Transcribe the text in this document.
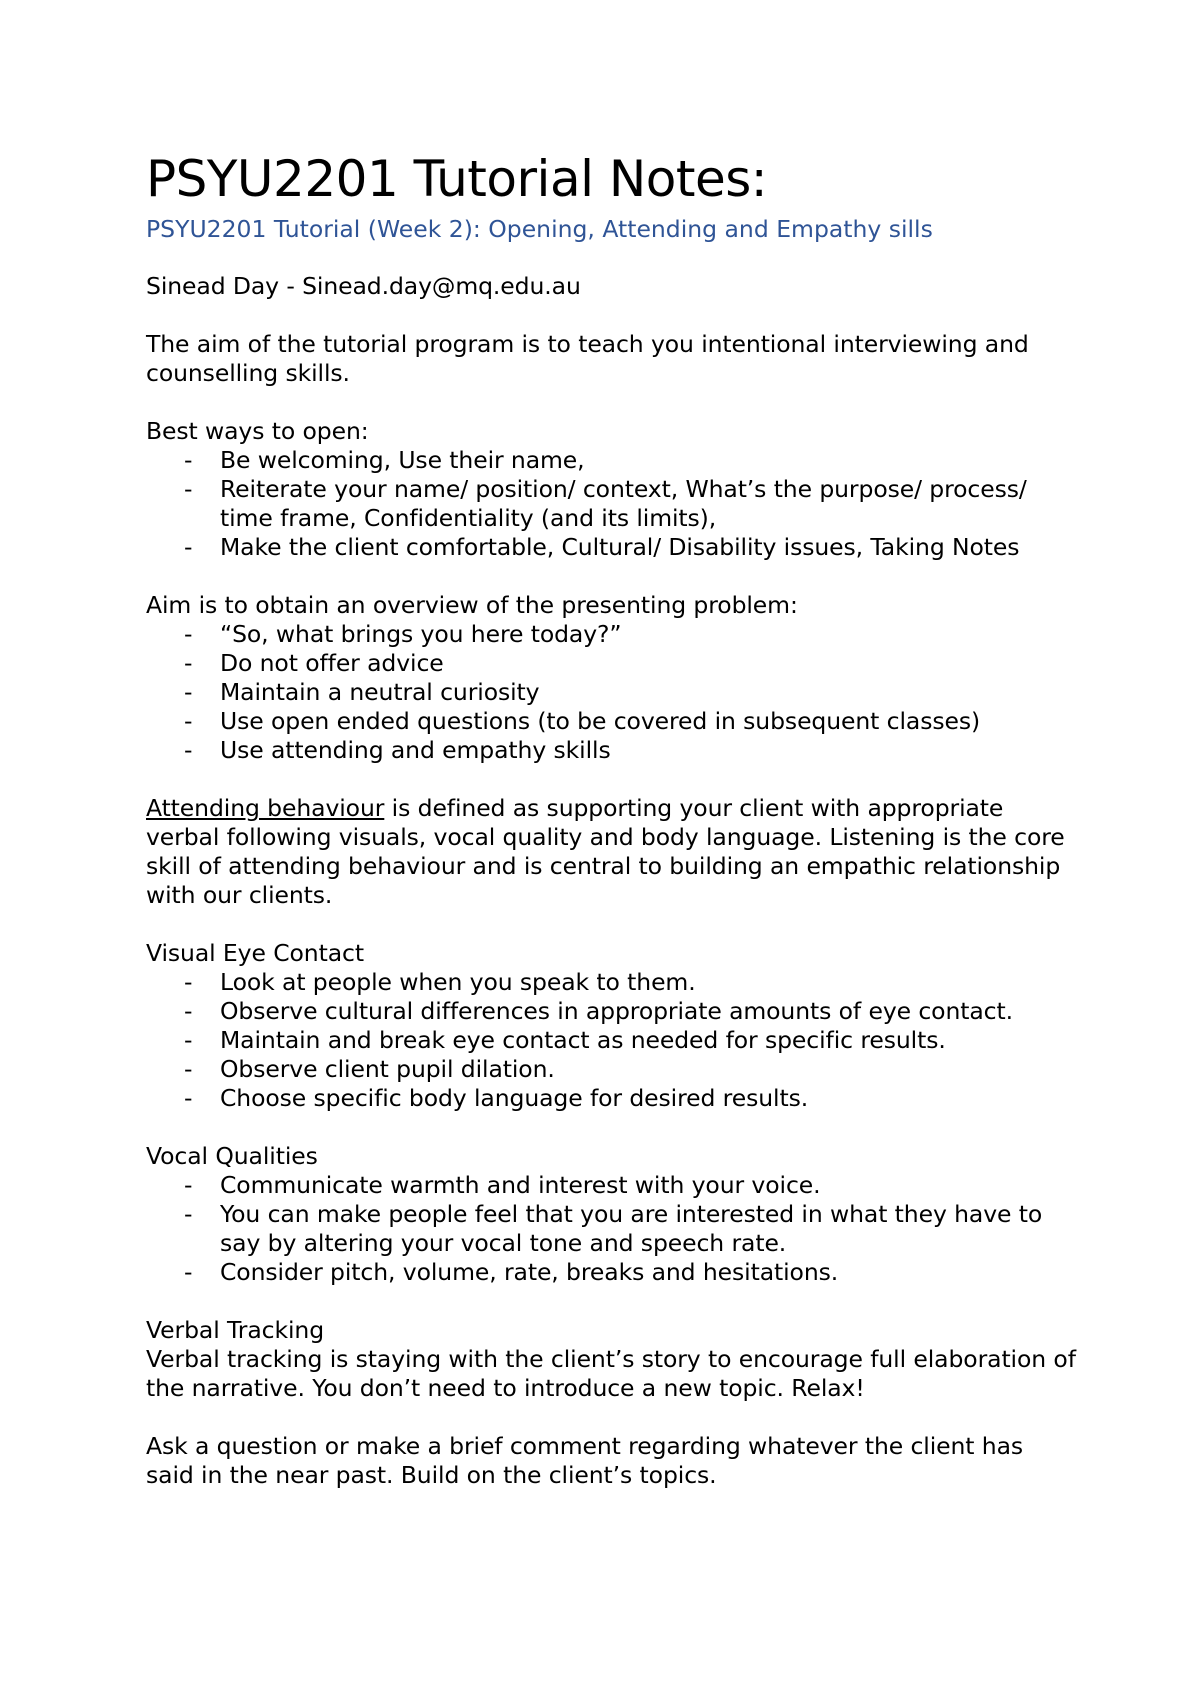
PSYU2201 Tutorial Notes:
PSYU2201 Tutorial (Week 2): Opening, Attending and Empathy sills

Sinead Day - Sinead.day@mq.edu.au

The aim of the tutorial program is to teach you intentional interviewing and counselling skills.

Best ways to open:

- Be welcoming, Use their name,
- Reiterate your name/ position/ context, What’s the purpose/ process/ time frame, Confidentiality (and its limits),
- Make the client comfortable, Cultural/ Disability issues, Taking Notes

Aim is to obtain an overview of the presenting problem:

- “So, what brings you here today?”
- Do not offer advice
- Maintain a neutral curiosity
- Use open ended questions (to be covered in subsequent classes)
- Use attending and empathy skills

Attending behaviour is defined as supporting your client with appropriate verbal following visuals, vocal quality and body language. Listening is the core skill of attending behaviour and is central to building an empathic relationship with our clients.

Visual Eye Contact

- Look at people when you speak to them.
- Observe cultural differences in appropriate amounts of eye contact.
- Maintain and break eye contact as needed for specific results.
- Observe client pupil dilation.
- Choose specific body language for desired results.

Vocal Qualities

- Communicate warmth and interest with your voice.
- You can make people feel that you are interested in what they have to say by altering your vocal tone and speech rate.
- Consider pitch, volume, rate, breaks and hesitations.

Verbal Tracking

Verbal tracking is staying with the client’s story to encourage full elaboration of the narrative. You don’t need to introduce a new topic. Relax!

Ask a question or make a brief comment regarding whatever the client has said in the near past. Build on the client’s topics.
